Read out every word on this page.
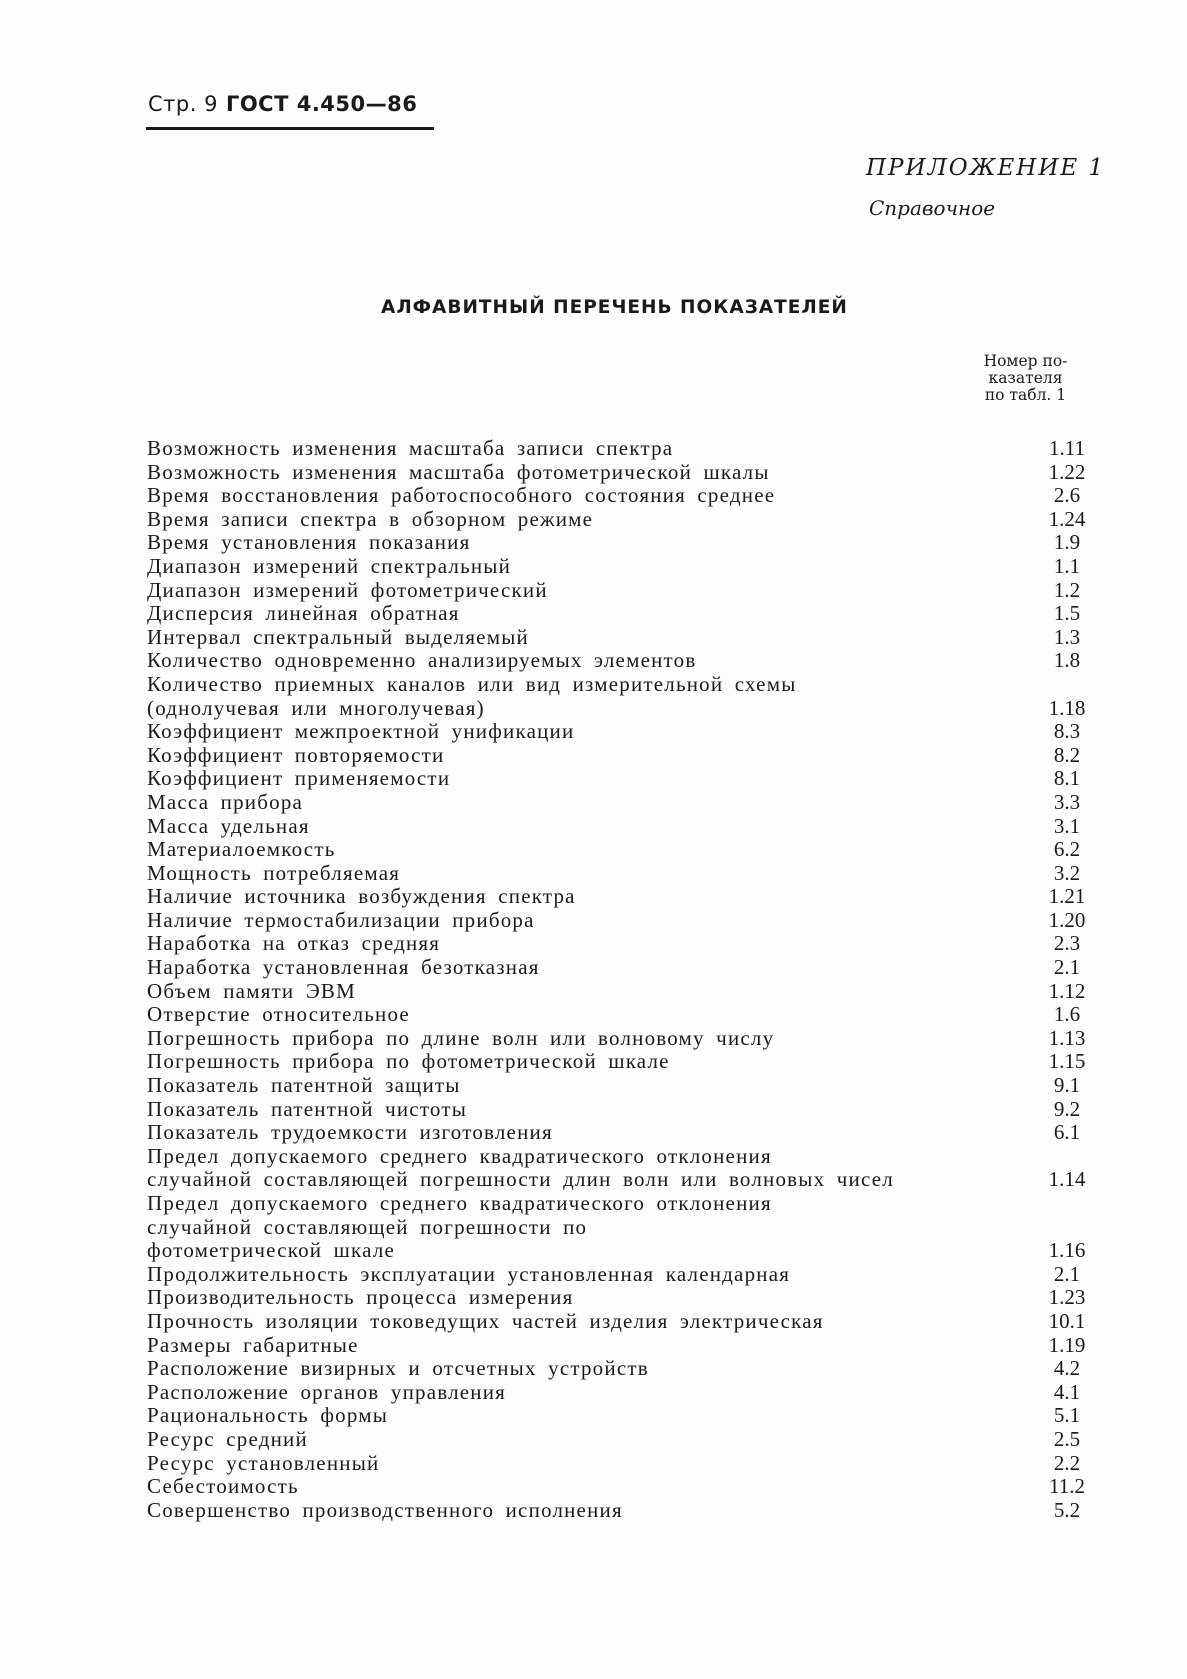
Стр. 9 ГОСТ 4.450—86
ПРИЛОЖЕНИЕ 1
Справочное
АЛФАВИТНЫЙ ПЕРЕЧЕНЬ ПОКАЗАТЕЛЕЙ
Номер по-
казателя
по табл. 1
Возможность изменения масштаба записи спектра	1.11
Возможность изменения масштаба фотометрической шкалы	1.22
Время восстановления работоспособного состояния среднее	2.6
Время записи спектра в обзорном режиме	1.24
Время установления показания	1.9
Диапазон измерений спектральный	1.1
Диапазон измерений фотометрический	1.2
Дисперсия линейная обратная	1.5
Интервал спектральный выделяемый	1.3
Количество одновременно анализируемых элементов	1.8
Количество приемных каналов или вид измерительной схемы
(однолучевая или многолучевая)	1.18
Коэффициент межпроектной унификации	8.3
Коэффициент повторяемости	8.2
Коэффициент применяемости	8.1
Масса прибора	3.3
Масса удельная	3.1
Материалоемкость	6.2
Мощность потребляемая	3.2
Наличие источника возбуждения спектра	1.21
Наличие термостабилизации прибора	1.20
Наработка на отказ средняя	2.3
Наработка установленная безотказная	2.1
Объем памяти ЭВМ	1.12
Отверстие относительное	1.6
Погрешность прибора по длине волн или волновому числу	1.13
Погрешность прибора по фотометрической шкале	1.15
Показатель патентной защиты	9.1
Показатель патентной чистоты	9.2
Показатель трудоемкости изготовления	6.1
Предел допускаемого среднего квадратического отклонения
случайной составляющей погрешности длин волн или волновых чисел	1.14
Предел допускаемого среднего квадратического отклонения
случайной составляющей погрешности по
фотометрической шкале	1.16
Продолжительность эксплуатации установленная календарная	2.1
Производительность процесса измерения	1.23
Прочность изоляции токоведущих частей изделия электрическая	10.1
Размеры габаритные	1.19
Расположение визирных и отсчетных устройств	4.2
Расположение органов управления	4.1
Рациональность формы	5.1
Ресурс средний	2.5
Ресурс установленный	2.2
Себестоимость	11.2
Совершенство производственного исполнения	5.2
